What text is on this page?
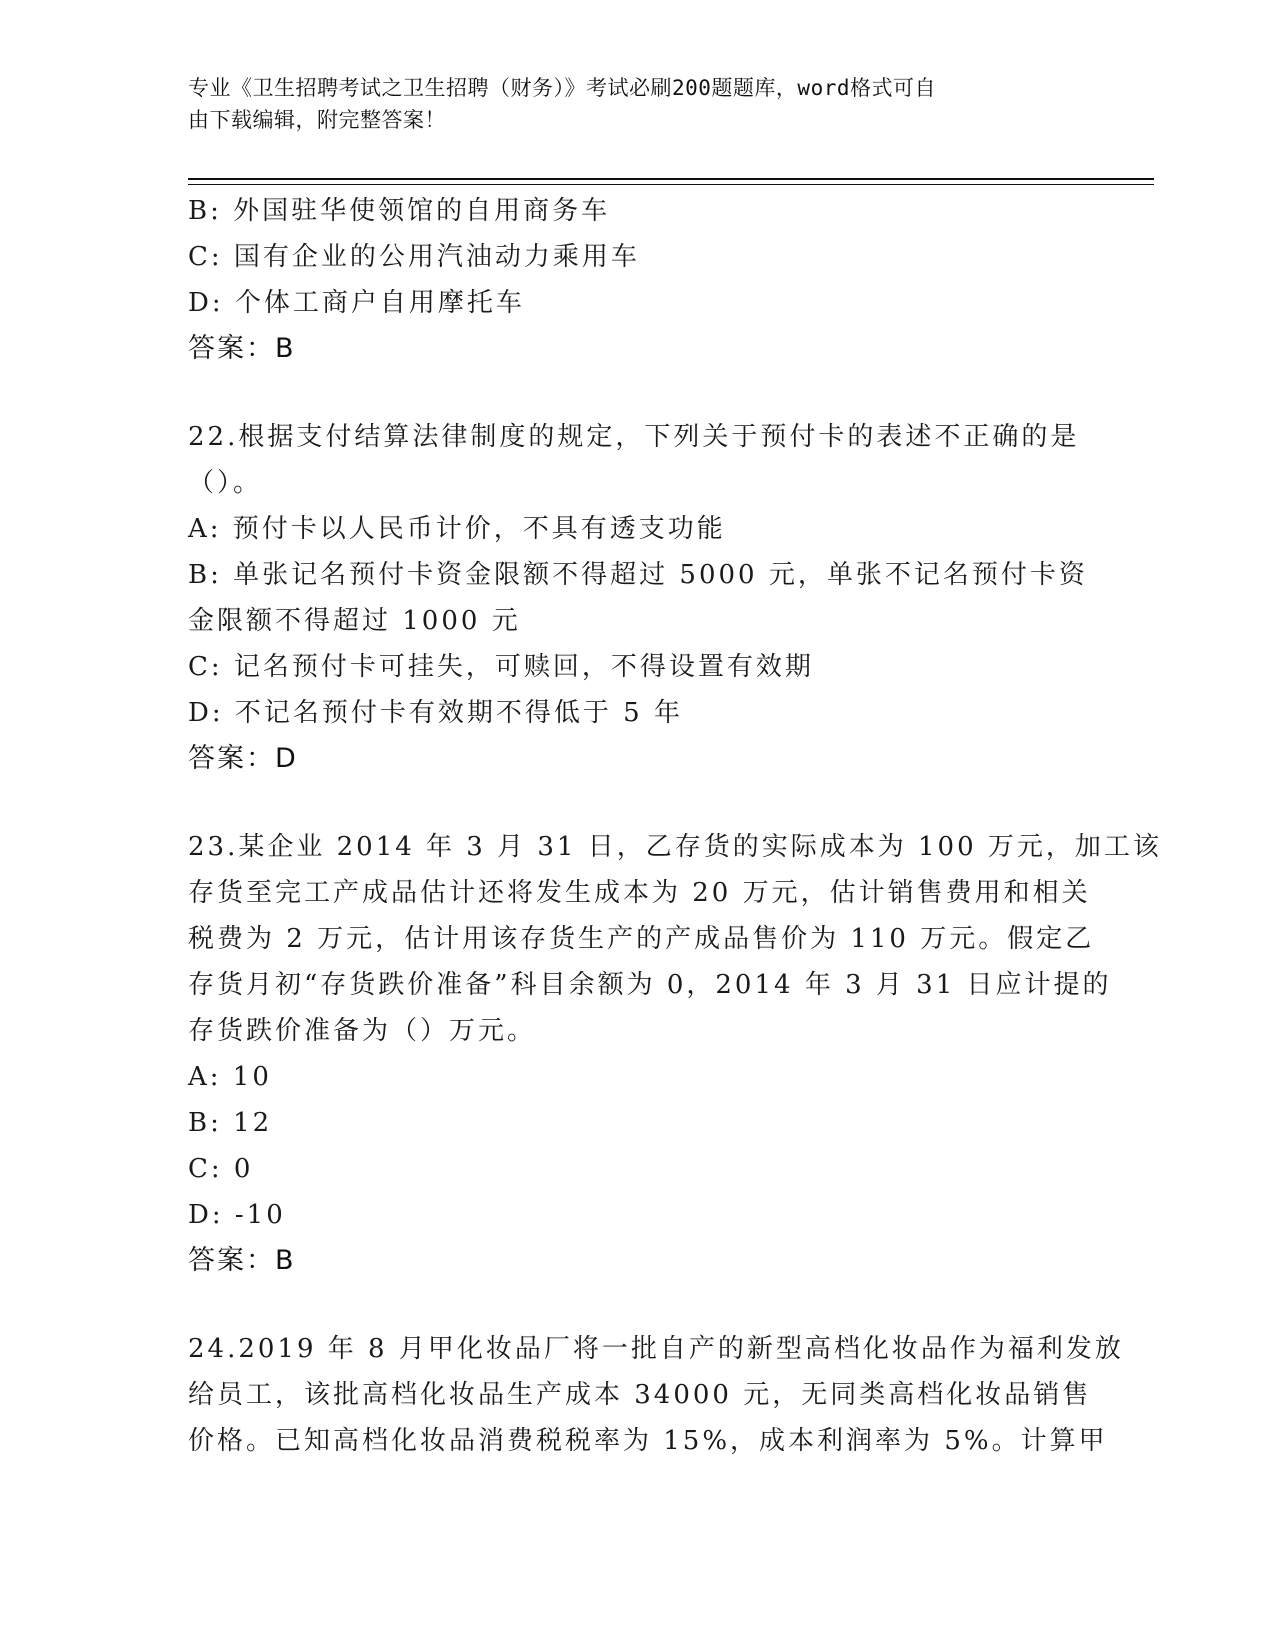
专业《卫生招聘考试之卫生招聘（财务）》考试必刷200题题库，word格式可自
由下载编辑，附完整答案！
B: 外国驻华使领馆的自用商务车
C: 国有企业的公用汽油动力乘用车
D: 个体工商户自用摩托车
答案：B
22.根据支付结算法律制度的规定，下列关于预付卡的表述不正确的是
（）。
A: 预付卡以人民币计价，不具有透支功能
B: 单张记名预付卡资金限额不得超过 5000 元，单张不记名预付卡资
金限额不得超过 1000 元
C: 记名预付卡可挂失，可赎回，不得设置有效期
D: 不记名预付卡有效期不得低于 5 年
答案：D
23.某企业 2014 年 3 月 31 日，乙存货的实际成本为 100 万元，加工该
存货至完工产成品估计还将发生成本为 20 万元，估计销售费用和相关
税费为 2 万元，估计用该存货生产的产成品售价为 110 万元。假定乙
存货月初“存货跌价准备”科目余额为 0，2014 年 3 月 31 日应计提的
存货跌价准备为（）万元。
A: 10
B: 12
C: 0
D: -10
答案：B
24.2019 年 8 月甲化妆品厂将一批自产的新型高档化妆品作为福利发放
给员工，该批高档化妆品生产成本 34000 元，无同类高档化妆品销售
价格。已知高档化妆品消费税税率为 15%，成本利润率为 5%。计算甲
